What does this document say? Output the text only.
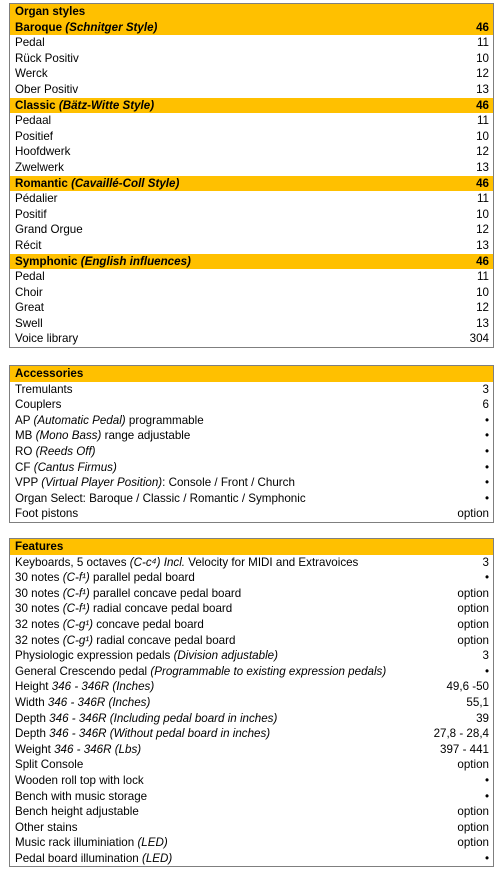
Organ styles
Baroque (Schnitger Style)	46
Pedal	11
Rück Positiv	10
Werck	12
Ober Positiv	13
Classic (Bätz-Witte Style)	46
Pedaal	11
Positief	10
Hoofdwerk	12
Zwelwerk	13
Romantic (Cavaillé-Coll Style)	46
Pédalier	11
Positif	10
Grand Orgue	12
Récit	13
Symphonic (English influences)	46
Pedal	11
Choir	10
Great	12
Swell	13
Voice library	304
Accessories
Tremulants	3
Couplers	6
AP (Automatic Pedal) programmable	•
MB (Mono Bass) range adjustable	•
RO (Reeds Off)	•
CF (Cantus Firmus)	•
VPP (Virtual Player Position): Console / Front / Church	•
Organ Select: Baroque / Classic / Romantic / Symphonic	•
Foot pistons	option
Features
Keyboards, 5 octaves (C-c⁴) Incl. Velocity for MIDI and Extravoices	3
30 notes (C-f¹) parallel pedal board	•
30 notes (C-f¹) parallel concave pedal board	option
30 notes (C-f¹) radial concave pedal board	option
32 notes (C-g¹) concave pedal board	option
32 notes (C-g¹) radial concave pedal board	option
Physiologic expression pedals (Division adjustable)	3
General Crescendo pedal (Programmable to existing expression pedals)	•
Height 346 - 346R (Inches)	49,6 -50
Width 346 - 346R (Inches)	55,1
Depth 346 - 346R (Including pedal board in inches)	39
Depth 346 - 346R (Without pedal board in inches)	27,8 - 28,4
Weight 346 - 346R (Lbs)	397 - 441
Split Console	option
Wooden roll top with lock	•
Bench with music storage	•
Bench height adjustable	option
Other stains	option
Music rack illuminiation (LED)	option
Pedal board illumination (LED)	•
